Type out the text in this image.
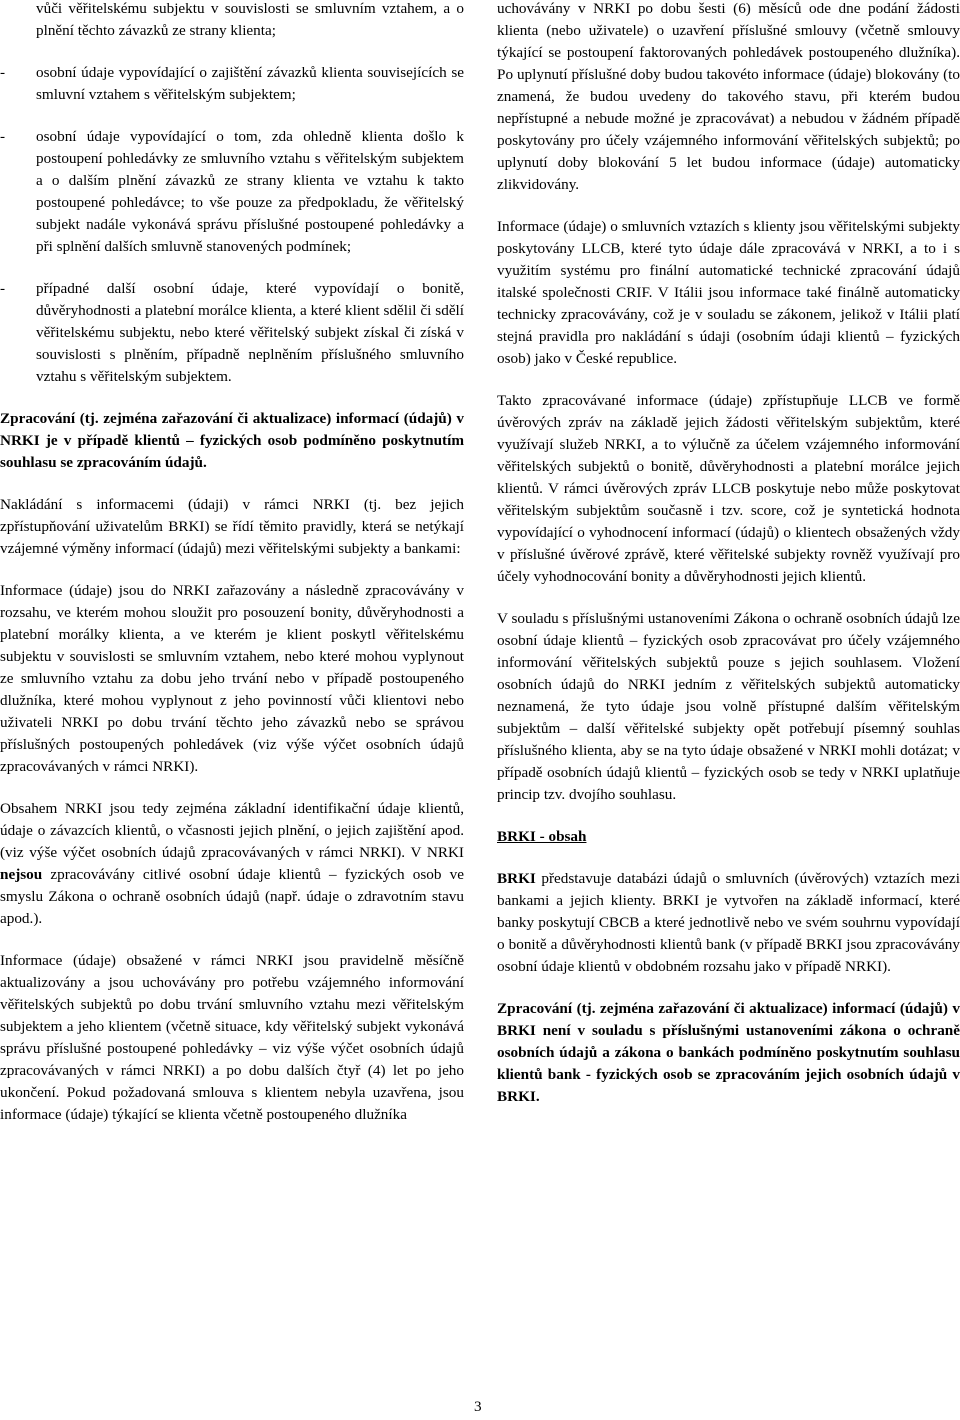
vůči věřitelskému subjektu v souvislosti se smluvním vztahem, a o plnění těchto závazků ze strany klienta;

- osobní údaje vypovídající o zajištění závazků klienta souvisejících se smluvní vztahem s věřitelským subjektem;
- osobní údaje vypovídající o tom, zda ohledně klienta došlo k postoupení pohledávky ze smluvního vztahu s věřitelským subjektem a o dalším plnění závazků ze strany klienta ve vztahu k takto postoupené pohledávce; to vše pouze za předpokladu, že věřitelský subjekt nadále vykonává správu příslušné postoupené pohledávky a při splnění dalších smluvně stanovených podmínek;
- případné další osobní údaje, které vypovídají o bonitě, důvěryhodnosti a platební morálce klienta, a které klient sdělil či sdělí věřitelskému subjektu, nebo které věřitelský subjekt získal či získá v souvislosti s plněním, případně neplněním příslušného smluvního vztahu s věřitelským subjektem.

Zpracování (tj. zejména zařazování či aktualizace) informací (údajů) v NRKI je v případě klientů – fyzických osob podmíněno poskytnutím souhlasu se zpracováním údajů.

Nakládání s informacemi (údaji) v rámci NRKI (tj. bez jejich zpřístupňování uživatelům BRKI) se řídí těmito pravidly, která se netýkají vzájemné výměny informací (údajů) mezi věřitelskými subjekty a bankami:

Informace (údaje) jsou do NRKI zařazovány a následně zpracovávány v rozsahu, ve kterém mohou sloužit pro posouzení bonity, důvěryhodnosti a platební morálky klienta, a ve kterém je klient poskytl věřitelskému subjektu v souvislosti se smluvním vztahem, nebo které mohou vyplynout ze smluvního vztahu za dobu jeho trvání nebo v případě postoupeného dlužníka, které mohou vyplynout z jeho povinností vůči klientovi nebo uživateli NRKI po dobu trvání těchto jeho závazků nebo se správou příslušných postoupených pohledávek (viz výše výčet osobních údajů zpracovávaných v rámci NRKI).

Obsahem NRKI jsou tedy zejména základní identifikační údaje klientů, údaje o závazcích klientů, o včasnosti jejich plnění, o jejich zajištění apod. (viz výše výčet osobních údajů zpracovávaných v rámci NRKI). V NRKI nejsou zpracovávány citlivé osobní údaje klientů – fyzických osob ve smyslu Zákona o ochraně osobních údajů (např. údaje o zdravotním stavu apod.).

Informace (údaje) obsažené v rámci NRKI jsou pravidelně měsíčně aktualizovány a jsou uchovávány pro potřebu vzájemného informování věřitelských subjektů po dobu trvání smluvního vztahu mezi věřitelským subjektem a jeho klientem (včetně situace, kdy věřitelský subjekt vykonává správu příslušné postoupené pohledávky – viz výše výčet osobních údajů zpracovávaných v rámci NRKI) a po dobu dalších čtyř (4) let po jeho ukončení. Pokud požadovaná smlouva s klientem nebyla uzavřena, jsou informace (údaje) týkající se klienta včetně postoupeného dlužníka

uchovávány v NRKI po dobu šesti (6) měsíců ode dne podání žádosti klienta (nebo uživatele) o uzavření příslušné smlouvy (včetně smlouvy týkající se postoupení faktorovaných pohledávek postoupeného dlužníka). Po uplynutí příslušné doby budou takovéto informace (údaje) blokovány (to znamená, že budou uvedeny do takového stavu, při kterém budou nepřístupné a nebude možné je zpracovávat) a nebudou v žádném případě poskytovány pro účely vzájemného informování věřitelských subjektů; po uplynutí doby blokování 5 let budou informace (údaje) automaticky zlikvidovány.

Informace (údaje) o smluvních vztazích s klienty jsou věřitelskými subjekty poskytovány LLCB, které tyto údaje dále zpracovává v NRKI, a to i s využitím systému pro finální automatické technické zpracování údajů italské společnosti CRIF. V Itálii jsou informace také finálně automaticky technicky zpracovávány, což je v souladu se zákonem, jelikož v Itálii platí stejná pravidla pro nakládání s údaji (osobním údaji klientů – fyzických osob) jako v České republice.

Takto zpracovávané informace (údaje) zpřístupňuje LLCB ve formě úvěrových zpráv na základě jejich žádosti věřitelským subjektům, které využívají služeb NRKI, a to výlučně za účelem vzájemného informování věřitelských subjektů o bonitě, důvěryhodnosti a platební morálce jejich klientů. V rámci úvěrových zpráv LLCB poskytuje nebo může poskytovat věřitelským subjektům současně i tzv. score, což je syntetická hodnota vypovídající o vyhodnocení informací (údajů) o klientech obsažených vždy v příslušné úvěrové zprávě, které věřitelské subjekty rovněž využívají pro účely vyhodnocování bonity a důvěryhodnosti jejich klientů.

V souladu s příslušnými ustanoveními Zákona o ochraně osobních údajů lze osobní údaje klientů – fyzických osob zpracovávat pro účely vzájemného informování věřitelských subjektů pouze s jejich souhlasem. Vložení osobních údajů do NRKI jedním z věřitelských subjektů automaticky neznamená, že tyto údaje jsou volně přístupné dalším věřitelským subjektům – další věřitelské subjekty opět potřebují písemný souhlas příslušného klienta, aby se na tyto údaje obsažené v NRKI mohli dotázat; v případě osobních údajů klientů – fyzických osob se tedy v NRKI uplatňuje princip tzv. dvojího souhlasu.

BRKI - obsah

BRKI představuje databázi údajů o smluvních (úvěrových) vztazích mezi bankami a jejich klienty. BRKI je vytvořen na základě informací, které banky poskytují CBCB a které jednotlivě nebo ve svém souhrnu vypovídají o bonitě a důvěryhodnosti klientů bank (v případě BRKI jsou zpracovávány osobní údaje klientů v obdobném rozsahu jako v případě NRKI).

Zpracování (tj. zejména zařazování či aktualizace) informací (údajů) v BRKI není v souladu s příslušnými ustanoveními zákona o ochraně osobních údajů a zákona o bankách podmíněno poskytnutím souhlasu klientů bank - fyzických osob se zpracováním jejich osobních údajů v BRKI.

3
